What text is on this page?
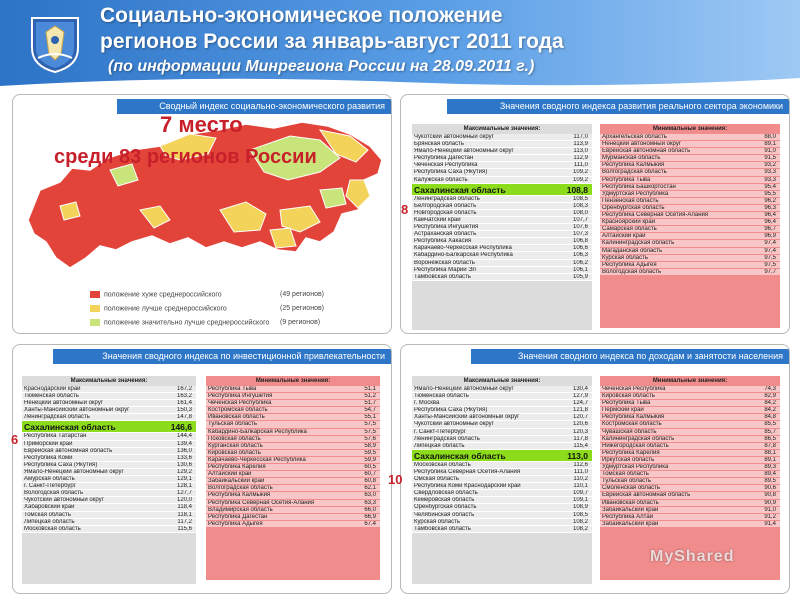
Социально-экономическое положение
регионов России за январь-август 2011 года
(по информации Минрегиона России на 28.09.2011 г.)
Сводный индекс социально-экономического развития
7 место
среди 83 регионов России
положение хуже среднероссийского	(49 регионов)
положение лучше среднероссийского	(25 регионов)
положение значительно лучше среднероссийского (9 регионов)
Значения сводного индекса развития реального сектора экономики
Максимальные значения:
Чукотский автономный округ	117,0
Брянская область	113,9
Ямало-Ненецкий автономный округ	113,0
Республика Дагестан	112,9
Чеченская Республика	111,0
Республика Саха (Якутия)	109,2
Калужская область	109,2
Сахалинская область	108,8
Ленинградская область	108,5
Белгородская область	108,3
Новгородская область	108,0
Камчатский край	107,7
Республика Ингушетия	107,6
Астраханская область	107,3
Республика Хакасия	106,8
Карачаево-Черкесская Республика	106,6
Кабардино-Балкарская Республика	106,3
Воронежская область	106,2
Республика Марий Эл	106,1
Тамбовская область	105,9
Минимальные значения:
Архангельская область	88,0
Ненецкий автономный округ	89,1
Еврейская автономная область	91,0
Мурманская область	91,5
Республика Калмыкия	93,2
Волгоградская область	93,3
Республика Тыва	93,3
Республика Башкортостан	95,4
Удмуртская Республика	95,5
Пензенская область	96,2
Оренбургская область	96,3
Республика Северная Осетия-Алания	96,4
Красноярский край	96,4
Самарская область	96,7
Алтайский край	96,9
Калининградская область	97,4
Магаданская область	97,4
Курская область	97,5
Республика Адыгея	97,5
Вологодская область	97,7
8
Значения сводного индекса по инвестиционной привлекательности
Максимальные значения:
Краснодарский край	167,2
Тюменская область	163,2
Ненецкий автономный округ	161,4
Ханты-Мансийский автономный округ	150,3
Ленинградская область	147,8
Сахалинская область	146,6
Республика Татарстан	144,4
Приморский край	139,4
Еврейская автономная область	136,0
Республика Коми	133,6
Республика Саха (Якутия)	130,6
Ямало-Ненецкий автономный округ	129,2
Амурская область	129,1
г. Санкт-Петербург	128,1
Вологодская область	127,7
Чукотский автономный округ	120,0
Хабаровский край	118,4
Томская область	118,1
Липецкая область	117,2
Московская область	115,6
Минимальные значения:
Республика Тыва	51,1
Республика Ингушетия	51,2
Чеченская Республика	51,7
Костромская область	54,7
Ивановская область	55,1
Тульская область	57,5
Кабардино-Балкарская Республика	57,5
Псковская область	57,6
Курганская область	58,9
Кировская область	59,5
Карачаево-Черкесская Республика	59,9
Республика Карелия	60,5
Алтайский край	60,7
Забайкальский край	60,8
Волгоградская область	62,1
Республика Калмыкия	63,0
Республика Северная Осетия-Алания	63,3
Владимирская область	66,0
Республика Дагестан	66,9
Республика Адыгея	67,4
6
Значения сводного индекса по доходам и занятости населения
Максимальные значения:
Ямало-Ненецкий автономный округ	130,4
Тюменская область	127,9
г. Москва	124,7
Республика Саха (Якутия)	121,8
Ханты-Мансийский автономный округ	120,7
Чукотский автономный округ	120,6
г. Санкт-Петербург	120,3
Ленинградская область	117,8
Липецкая область	115,4
Сахалинская область	113,0
Московская область	112,6
Республика Северная Осетия-Алания	111,0
Омская область	110,2
Республика Коми Краснодарский край	110,1
Свердловская область	109,7
Кемеровская область	109,1
Оренбургская область	108,9
Челябинская область	108,5
Курская область	108,2
Тамбовская область	108,2
Минимальные значения:
Чеченская Республика	74,3
Кировская область	82,9
Республика Тыва	84,2
Пермский край	84,2
Республика Калмыкия	84,8
Костромская область	85,5
Чувашская область	85,7
Калининградская область	86,5
Нижегородская область	87,8
Республика Карелия	88,1
Иркутская область	89,1
Удмуртская Республика	89,3
Томская область	89,4
Тульская область	89,5
Смоленская область	90,6
Еврейская автономная область	90,8
Ивановская область	90,9
Забайкальский край	91,0
Республика Алтай	91,2
Забайкальский край	91,4
10
MyShared
